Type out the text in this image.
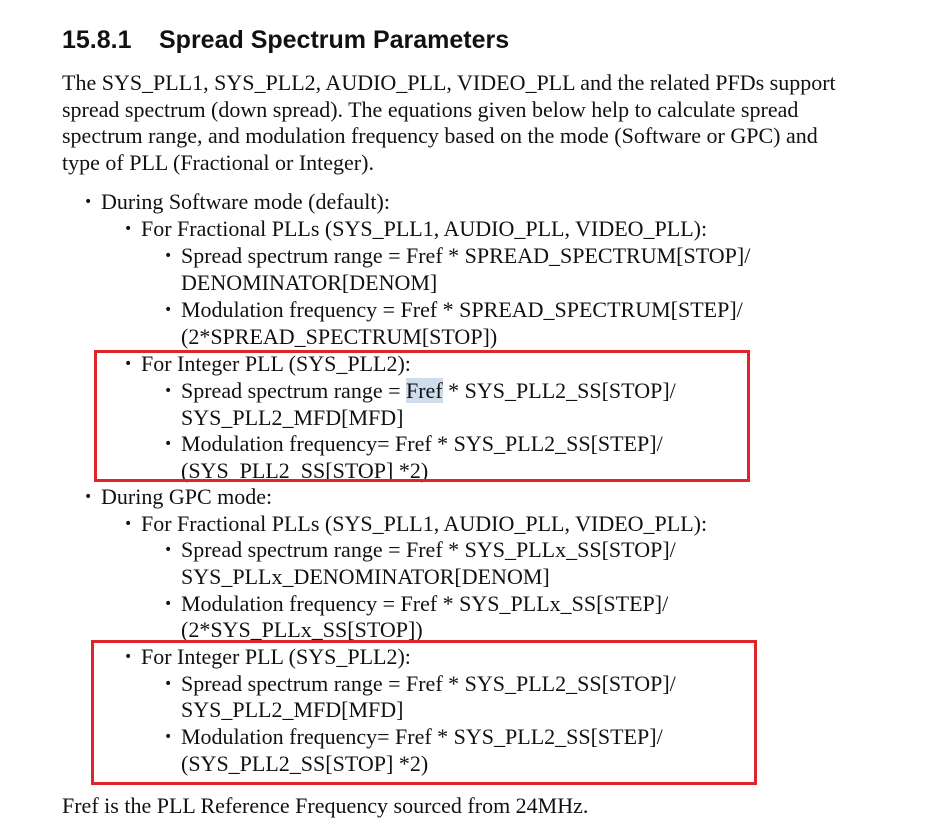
15.8.1 Spread Spectrum Parameters

The SYS_PLL1, SYS_PLL2, AUDIO_PLL, VIDEO_PLL and the related PFDs support

spread spectrum (down spread). The equations given below help to calculate spread

spectrum range, and modulation frequency based on the mode (Software or GPC) and

type of PLL (Fractional or Integer).

• During Software mode (default):
• For Fractional PLLs (SYS_PLL1, AUDIO_PLL, VIDEO_PLL):
• Spread spectrum range = Fref * SPREAD_SPECTRUM[STOP]/
DENOMINATOR[DENOM]
• Modulation frequency = Fref * SPREAD_SPECTRUM[STEP]/
(2*SPREAD_SPECTRUM[STOP])
• For Integer PLL (SYS_PLL2):
• Spread spectrum range = Fref * SYS_PLL2_SS[STOP]/
SYS_PLL2_MFD[MFD]
• Modulation frequency= Fref * SYS_PLL2_SS[STEP]/
(SYS_PLL2_SS[STOP] *2)
• During GPC mode:
• For Fractional PLLs (SYS_PLL1, AUDIO_PLL, VIDEO_PLL):
• Spread spectrum range = Fref * SYS_PLLx_SS[STOP]/
SYS_PLLx_DENOMINATOR[DENOM]
• Modulation frequency = Fref * SYS_PLLx_SS[STEP]/
(2*SYS_PLLx_SS[STOP])
• For Integer PLL (SYS_PLL2):
• Spread spectrum range = Fref * SYS_PLL2_SS[STOP]/
SYS_PLL2_MFD[MFD]
• Modulation frequency= Fref * SYS_PLL2_SS[STEP]/
(SYS_PLL2_SS[STOP] *2)
Fref is the PLL Reference Frequency sourced from 24MHz.
